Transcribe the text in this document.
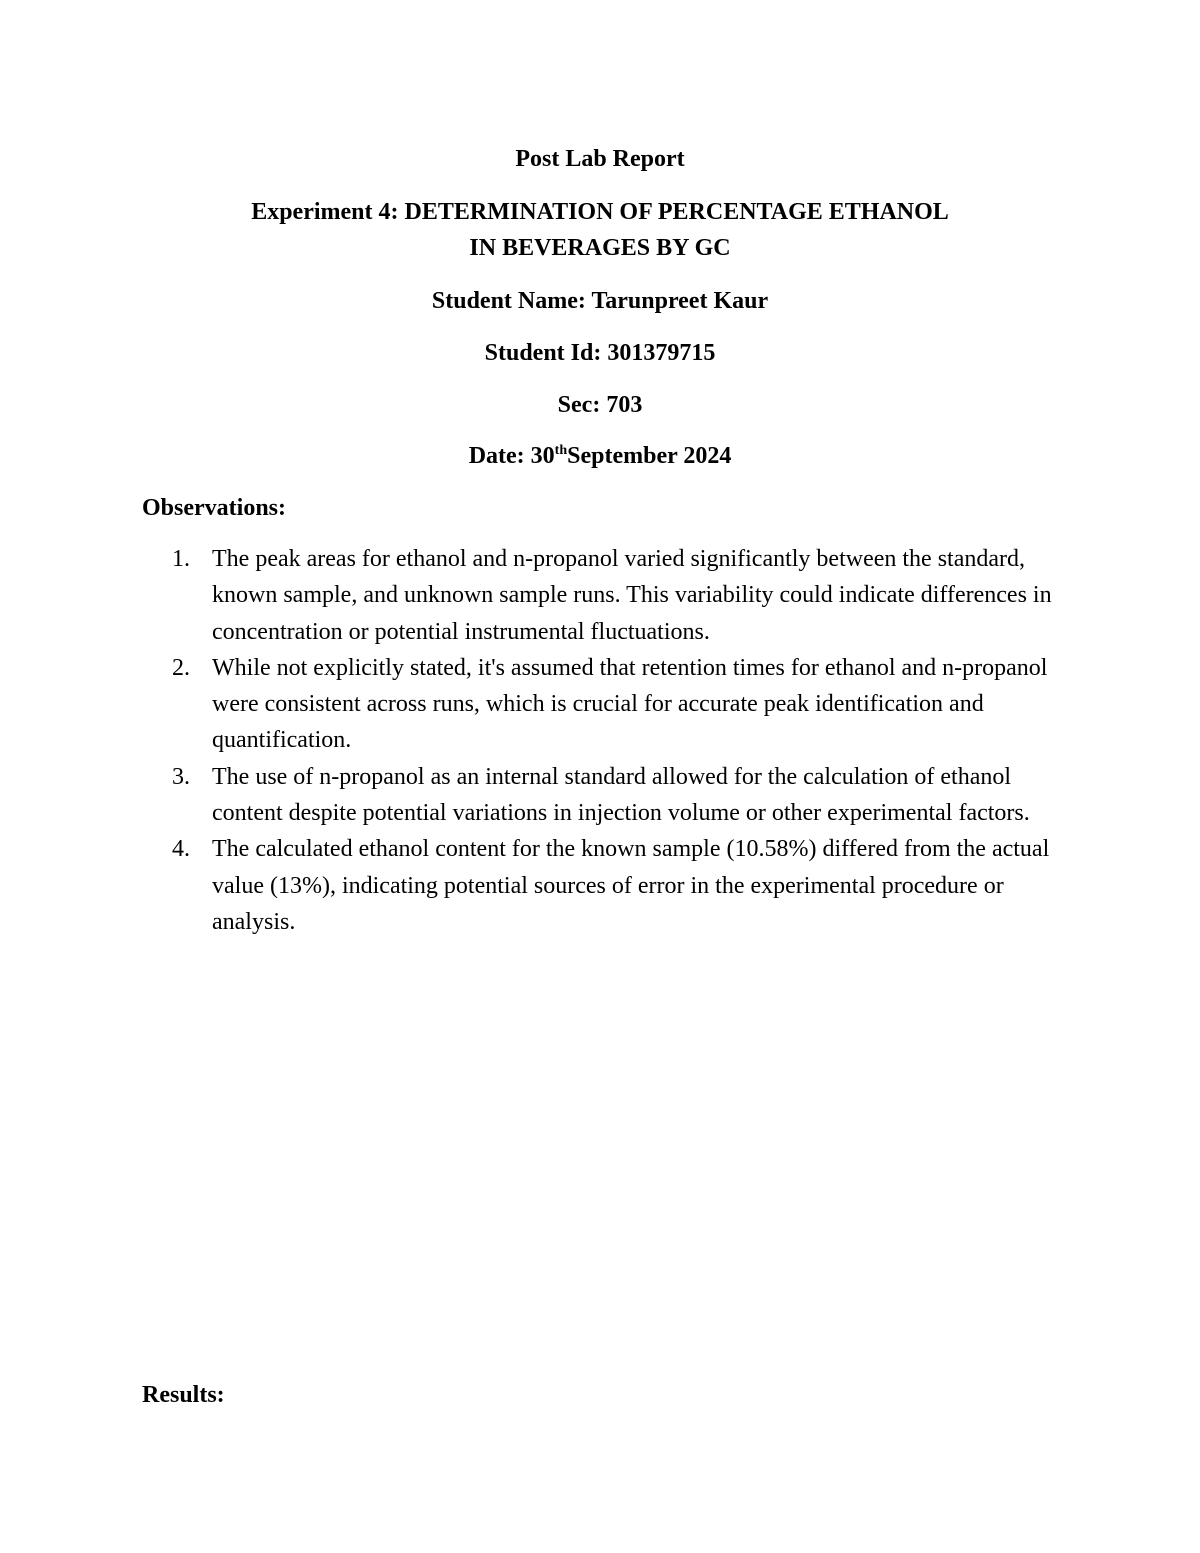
Post Lab Report
Experiment 4: DETERMINATION OF PERCENTAGE ETHANOL
IN BEVERAGES BY GC
Student Name: Tarunpreet Kaur
Student Id: 301379715
Sec: 703
Date: 30thSeptember 2024
Observations:
1. The peak areas for ethanol and n-propanol varied significantly between the standard, known sample, and unknown sample runs. This variability could indicate differences in concentration or potential instrumental fluctuations.
2. While not explicitly stated, it's assumed that retention times for ethanol and n-propanol were consistent across runs, which is crucial for accurate peak identification and quantification.
3. The use of n-propanol as an internal standard allowed for the calculation of ethanol content despite potential variations in injection volume or other experimental factors.
4. The calculated ethanol content for the known sample (10.58%) differed from the actual value (13%), indicating potential sources of error in the experimental procedure or analysis.
Results:
